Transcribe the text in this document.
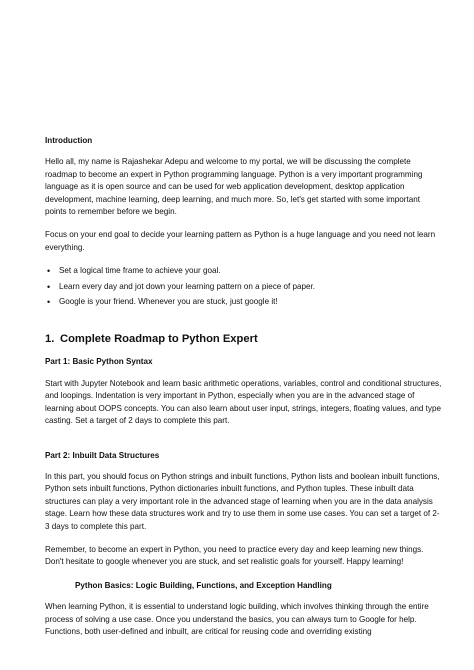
Introduction

Hello all, my name is Rajashekar Adepu and welcome to my portal, we will be discussing the complete roadmap to become an expert in Python programming language. Python is a very important programming language as it is open source and can be used for web application development, desktop application development, machine learning, deep learning, and much more. So, let's get started with some important points to remember before we begin.

Focus on your end goal to decide your learning pattern as Python is a huge language and you need not learn everything.

• Set a logical time frame to achieve your goal.
• Learn every day and jot down your learning pattern on a piece of paper.
• Google is your friend. Whenever you are stuck, just google it!
1. Complete Roadmap to Python Expert
Part 1: Basic Python Syntax

Start with Jupyter Notebook and learn basic arithmetic operations, variables, control and conditional structures, and loopings. Indentation is very important in Python, especially when you are in the advanced stage of learning about OOPS concepts. You can also learn about user input, strings, integers, floating values, and type casting. Set a target of 2 days to complete this part.

Part 2: Inbuilt Data Structures

In this part, you should focus on Python strings and inbuilt functions, Python lists and boolean inbuilt functions, Python sets inbuilt functions, Python dictionaries inbuilt functions, and Python tuples. These inbuilt data structures can play a very important role in the advanced stage of learning when you are in the data analysis stage. Learn how these data structures work and try to use them in some use cases. You can set a target of 2-3 days to complete this part.

Remember, to become an expert in Python, you need to practice every day and keep learning new things. Don't hesitate to google whenever you are stuck, and set realistic goals for yourself. Happy learning!

Python Basics: Logic Building, Functions, and Exception Handling

When learning Python, it is essential to understand logic building, which involves thinking through the entire process of solving a use case. Once you understand the basics, you can always turn to Google for help. Functions, both user-defined and inbuilt, are critical for reusing code and overriding existing
